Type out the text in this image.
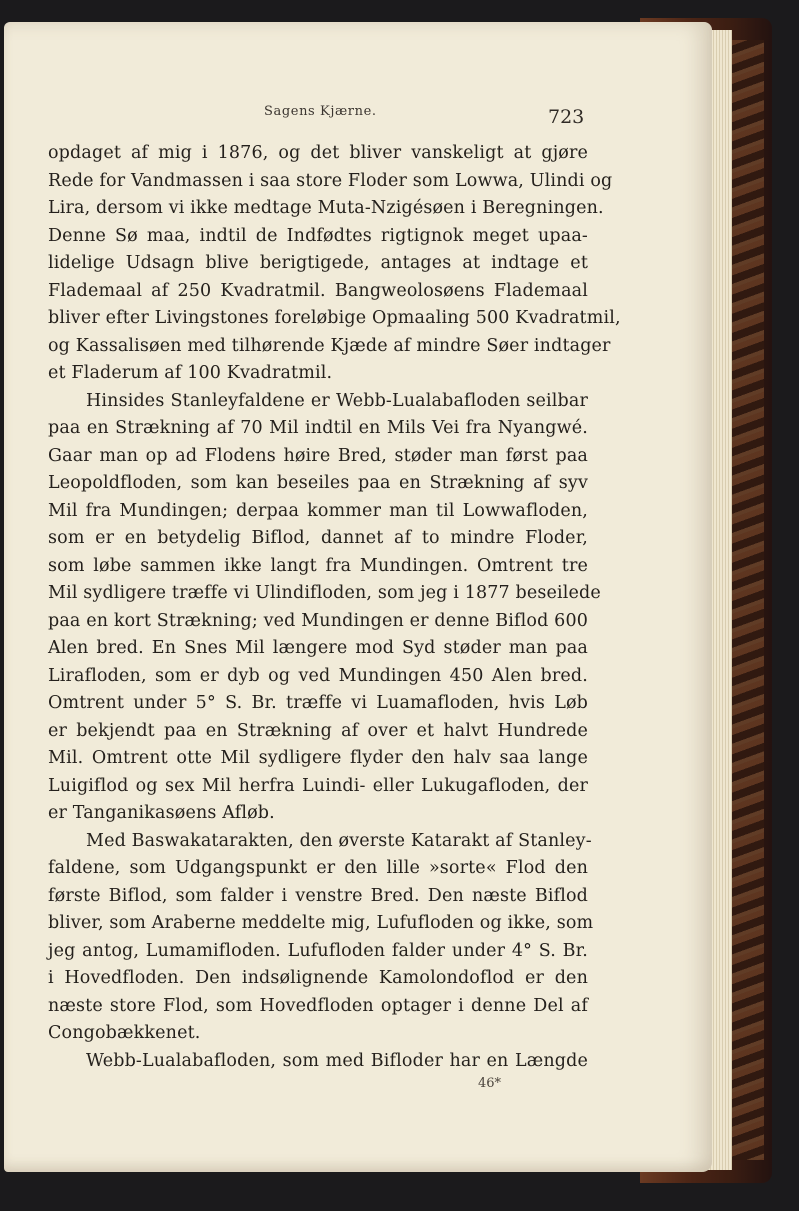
Sagens Kjærne.	723
opdaget af mig i 1876, og det bliver vanskeligt at gjøre
Rede for Vandmassen i saa store Floder som Lowwa, Ulindi og
Lira, dersom vi ikke medtage Muta-Nzigésøen i Beregningen.
Denne Sø maa, indtil de Indfødtes rigtignok meget upaa-
lidelige Udsagn blive berigtigede, antages at indtage et
Flademaal af 250 Kvadratmil. Bangweolosøens Flademaal
bliver efter Livingstones foreløbige Opmaaling 500 Kvadratmil,
og Kassalisøen med tilhørende Kjæde af mindre Søer indtager
et Fladerum af 100 Kvadratmil.
Hinsides Stanleyfaldene er Webb-Lualabafloden seilbar
paa en Strækning af 70 Mil indtil en Mils Vei fra Nyangwé.
Gaar man op ad Flodens høire Bred, støder man først paa
Leopoldfloden, som kan beseiles paa en Strækning af syv
Mil fra Mundingen; derpaa kommer man til Lowwafloden,
som er en betydelig Biflod, dannet af to mindre Floder,
som løbe sammen ikke langt fra Mundingen. Omtrent tre
Mil sydligere træffe vi Ulindifloden, som jeg i 1877 beseilede
paa en kort Strækning; ved Mundingen er denne Biflod 600
Alen bred. En Snes Mil længere mod Syd støder man paa
Lirafloden, som er dyb og ved Mundingen 450 Alen bred.
Omtrent under 5° S. Br. træffe vi Luamafloden, hvis Løb
er bekjendt paa en Strækning af over et halvt Hundrede
Mil. Omtrent otte Mil sydligere flyder den halv saa lange
Luigiflod og sex Mil herfra Luindi- eller Lukugafloden, der
er Tanganikasøens Afløb.
Med Baswakatarakten, den øverste Katarakt af Stanley-
faldene, som Udgangspunkt er den lille »sorte« Flod den
første Biflod, som falder i venstre Bred. Den næste Biflod
bliver, som Araberne meddelte mig, Lufufloden og ikke, som
jeg antog, Lumamifloden. Lufufloden falder under 4° S. Br.
i Hovedfloden. Den indsølignende Kamolondoflod er den
næste store Flod, som Hovedfloden optager i denne Del af
Congobækkenet.
Webb-Lualabafloden, som med Bifloder har en Længde
46*
